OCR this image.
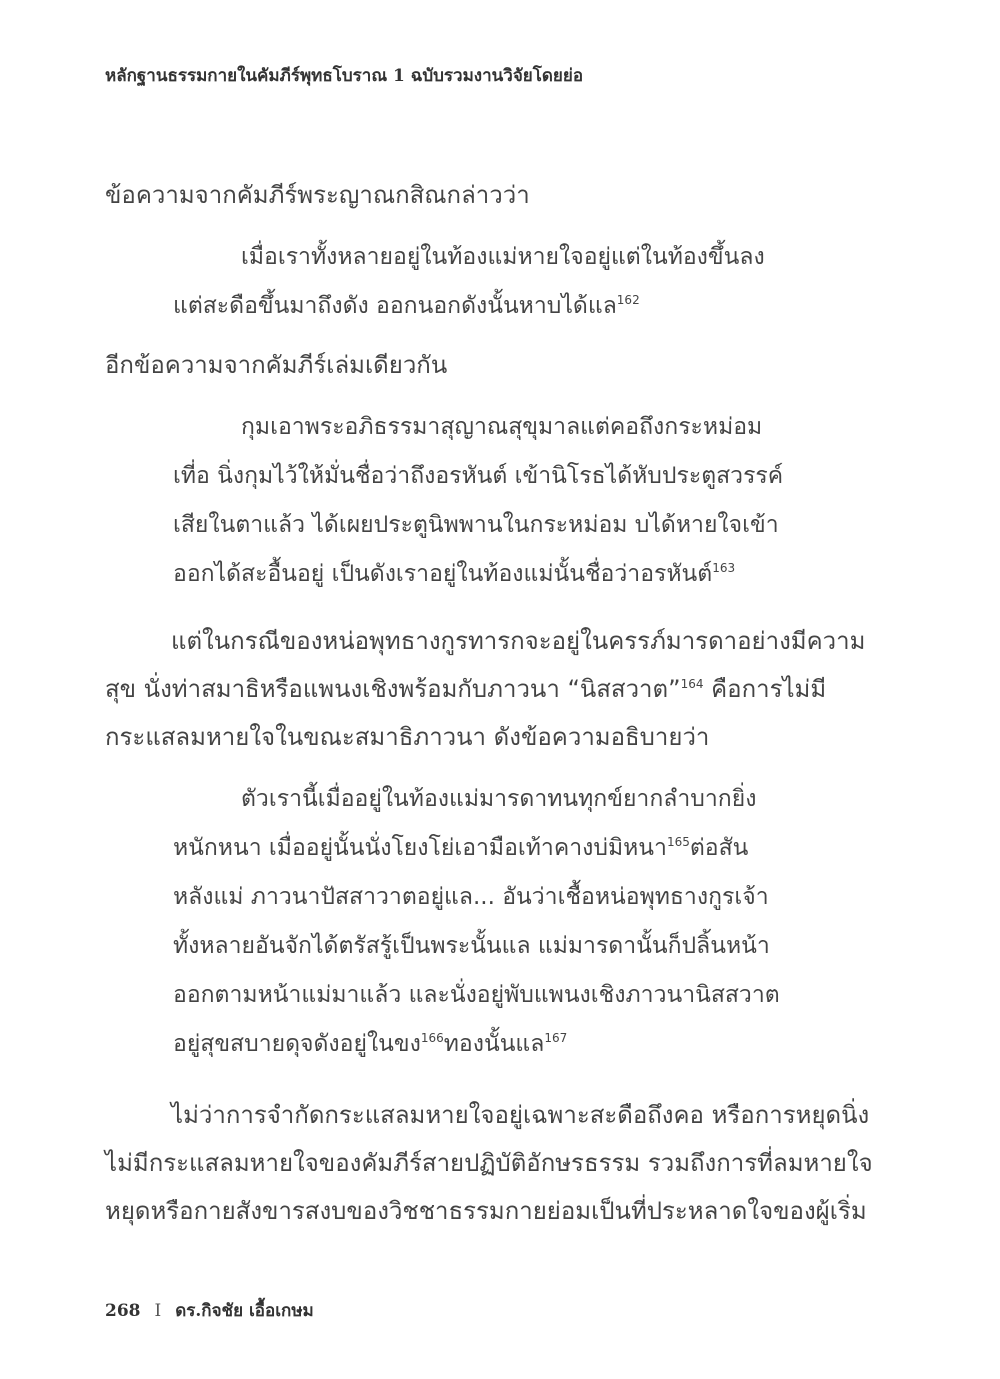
หลักฐานธรรมกายในคัมภีร์พุทธโบราณ 1 ฉบับรวมงานวิจัยโดยย่อ

ข้อความจากคัมภีร์พระญาณกสิณกล่าวว่า

เมื่อเราทั้งหลายอยู่ในท้องแม่หายใจอยู่แต่ในท้องขึ้นลง

แต่สะดือขึ้นมาถึงดัง ออกนอกดังนั้นหาบได้แล$^{162}$

อีกข้อความจากคัมภีร์เล่มเดียวกัน

กุมเอาพระอภิธรรมาสุญาณสุขุมาลแต่คอถึงกระหม่อม

เที่อ นิ่งกุมไว้ให้มั่นชื่อว่าถึงอรหันต์ เข้านิโรธได้หับประตูสวรรค์

เสียในตาแล้ว ได้เผยประตูนิพพานในกระหม่อม บได้หายใจเข้า

ออกได้สะอื้นอยู่ เป็นดังเราอยู่ในท้องแม่นั้นชื่อว่าอรหันต์$^{163}$

แต่ในกรณีของหน่อพุทธางกูรทารกจะอยู่ในครรภ์มารดาอย่างมีความ

สุข นั่งท่าสมาธิหรือแพนงเชิงพร้อมกับภาวนา “นิสสวาต”$^{164}$ คือการไม่มี

กระแสลมหายใจในขณะสมาธิภาวนา ดังข้อความอธิบายว่า

ตัวเรานี้เมื่ออยู่ในท้องแม่มารดาทนทุกข์ยากลำบากยิ่ง

หนักหนา เมื่ออยู่นั้นนั่งโยงโย่เอามือเท้าคางบ่มิหนา$^{165}$ต่อสัน

หลังแม่ ภาวนาปัสสาวาตอยู่แล... อันว่าเชื้อหน่อพุทธางกูรเจ้า

ทั้งหลายอันจักได้ตรัสรู้เป็นพระนั้นแล แม่มารดานั้นก็ปลิ้นหน้า

ออกตามหน้าแม่มาแล้ว และนั่งอยู่พับแพนงเชิงภาวนานิสสวาต

อยู่สุขสบายดุจดังอยู่ในขง$^{166}$ทองนั้นแล$^{167}$

ไม่ว่าการจำกัดกระแสลมหายใจอยู่เฉพาะสะดือถึงคอ หรือการหยุดนิ่ง

ไม่มีกระแสลมหายใจของคัมภีร์สายปฏิบัติอักษรธรรม รวมถึงการที่ลมหายใจ

หยุดหรือกายสังขารสงบของวิชชาธรรมกายย่อมเป็นที่ประหลาดใจของผู้เริ่ม

268 I ดร.กิจชัย เอื้อเกษม
